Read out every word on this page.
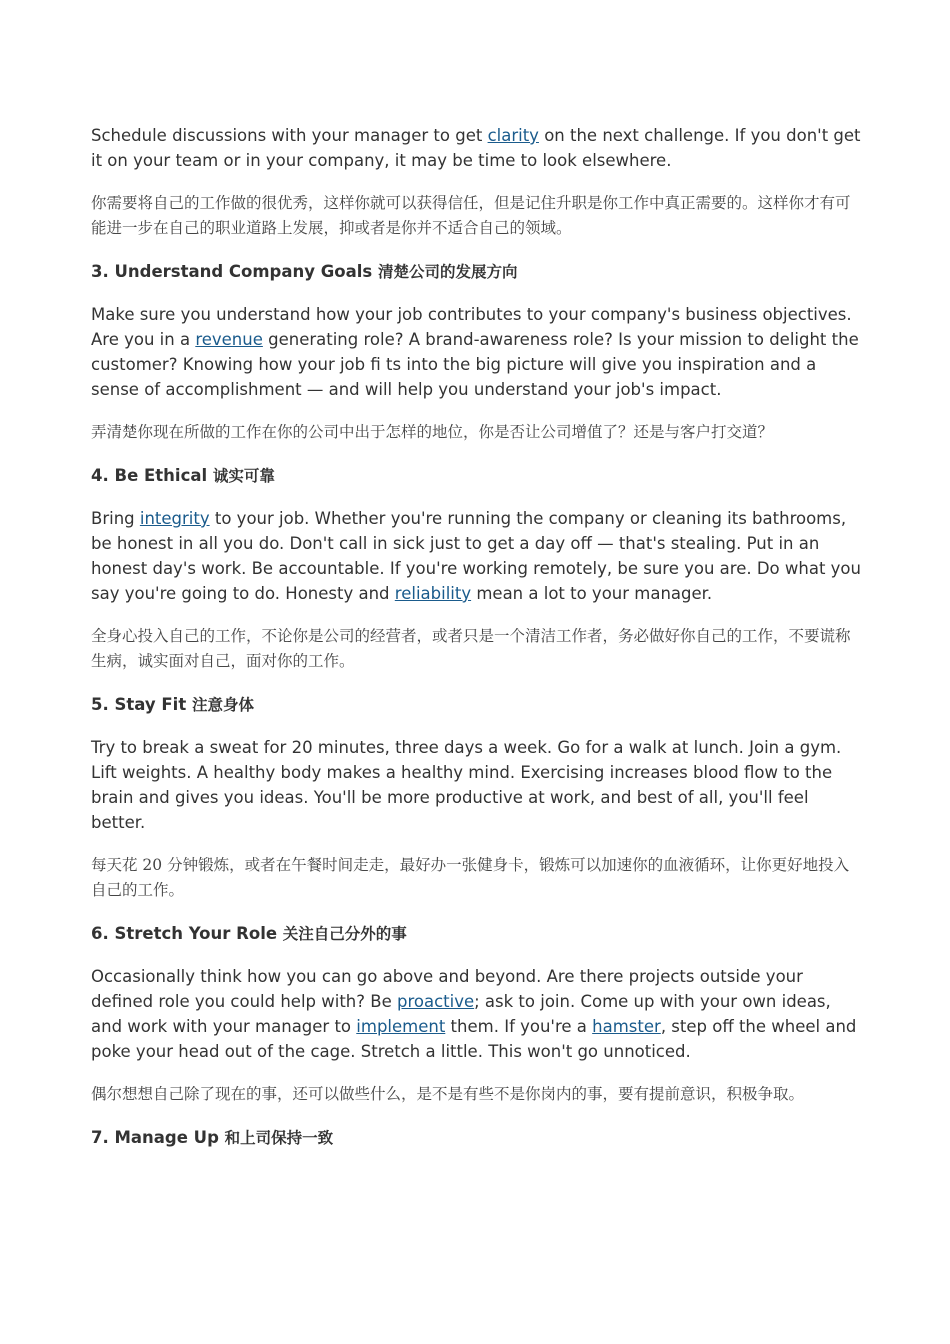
Schedule discussions with your manager to get clarity on the next challenge. If you don't get it on your team or in your company, it may be time to look elsewhere.

你需要将自己的工作做的很优秀，这样你就可以获得信任，但是记住升职是你工作中真正需要的。这样你才有可能进一步在自己的职业道路上发展，抑或者是你并不适合自己的领域。

3. Understand Company Goals 清楚公司的发展方向

Make sure you understand how your job contributes to your company's business objectives. Are you in a revenue generating role? A brand-awareness role? Is your mission to delight the customer? Knowing how your job fi ts into the big picture will give you inspiration and a sense of accomplishment — and will help you understand your job's impact.

弄清楚你现在所做的工作在你的公司中出于怎样的地位，你是否让公司增值了？还是与客户打交道？

4. Be Ethical 诚实可靠

Bring integrity to your job. Whether you're running the company or cleaning its bathrooms, be honest in all you do. Don't call in sick just to get a day off — that's stealing. Put in an honest day's work. Be accountable. If you're working remotely, be sure you are. Do what you say you're going to do. Honesty and reliability mean a lot to your manager.

全身心投入自己的工作，不论你是公司的经营者，或者只是一个清洁工作者，务必做好你自己的工作，不要谎称生病，诚实面对自己，面对你的工作。

5. Stay Fit 注意身体

Try to break a sweat for 20 minutes, three days a week. Go for a walk at lunch. Join a gym. Lift weights. A healthy body makes a healthy mind. Exercising increases blood flow to the brain and gives you ideas. You'll be more productive at work, and best of all, you'll feel better.

每天花 20 分钟锻炼，或者在午餐时间走走，最好办一张健身卡，锻炼可以加速你的血液循环，让你更好地投入自己的工作。

6. Stretch Your Role 关注自己分外的事

Occasionally think how you can go above and beyond. Are there projects outside your defined role you could help with? Be proactive; ask to join. Come up with your own ideas, and work with your manager to implement them. If you're a hamster, step off the wheel and poke your head out of the cage. Stretch a little. This won't go unnoticed.

偶尔想想自己除了现在的事，还可以做些什么，是不是有些不是你岗内的事，要有提前意识，积极争取。

7. Manage Up 和上司保持一致
